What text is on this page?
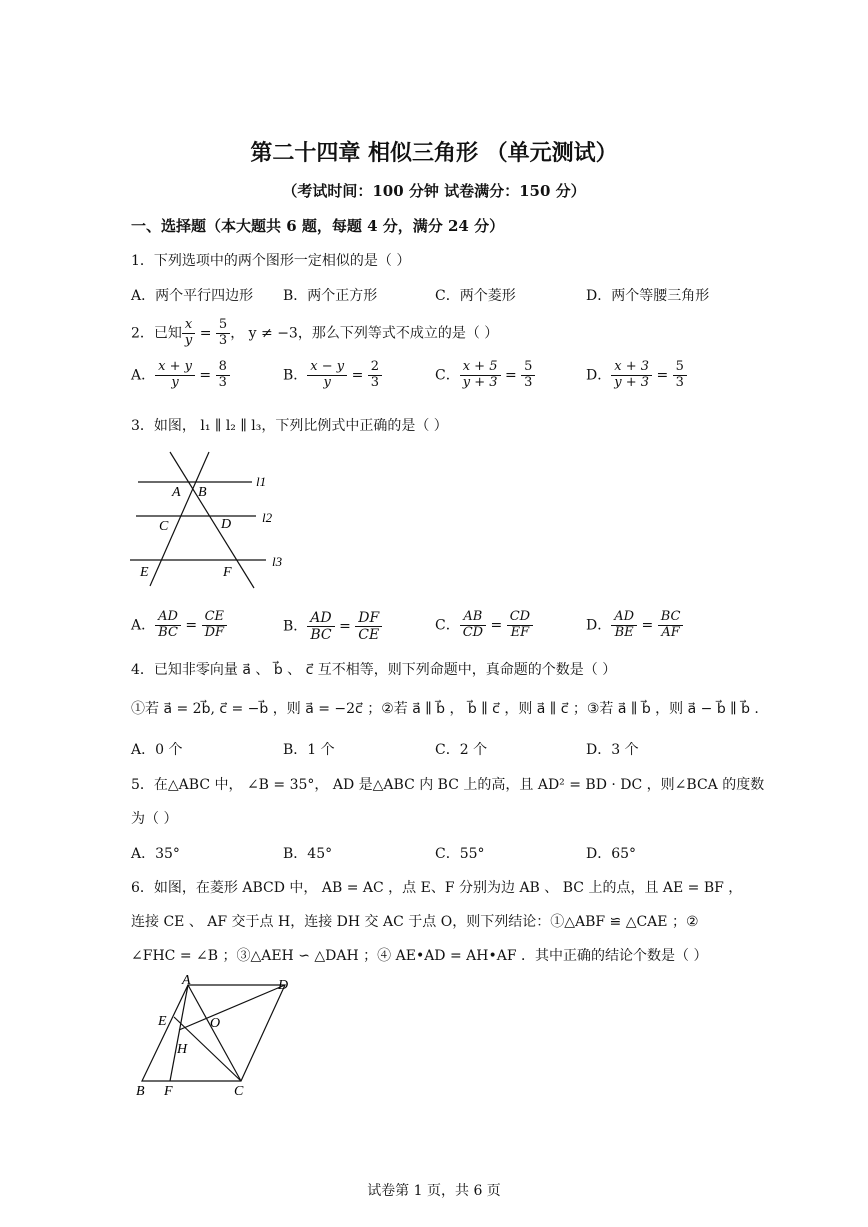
第二十四章 相似三角形 （单元测试）
（考试时间：100 分钟 试卷满分：150 分）
一、选择题（本大题共 6 题，每题 4 分，满分 24 分）
1．下列选项中的两个图形一定相似的是（ ）
A．两个平行四边形 B．两个正方形	C．两个菱形	D．两个等腰三角形
2．已知 $\frac{x}{y} = \frac{5}{3}$ ， y ≠ −3，那么下列等式不成立的是（ ）
A． $\frac{x + y}{y} = \frac{8}{3}$	B． $\frac{x - y}{y} = \frac{2}{3}$	C． $\frac{x + 5}{y + 3} = \frac{5}{3}$	D． $\frac{x + 3}{y + 3} = \frac{5}{3}$
3．如图， l₁ ∥ l₂ ∥ l₃，下列比例式中正确的是（ ）
A B
C	D
E	F
l1
l2
l3
A． $\frac{AD}{BC} = \frac{CE}{DF}$	B． $\frac{AD}{BC} = \frac{DF}{CE}$	C． $\frac{AB}{CD} = \frac{CD}{EF}$	D． $\frac{AD}{BE} = \frac{BC}{AF}$
4．已知非零向量 a⃗ 、 b⃗ 、 c⃗ 互不相等，则下列命题中，真命题的个数是（ ）
①若 a⃗ = 2b⃗, c⃗ = −b⃗ ，则 a⃗ = −2c⃗ ；②若 a⃗ ∥ b⃗ ， b⃗ ∥ c⃗ ，则 a⃗ ∥ c⃗ ；③若 a⃗ ∥ b⃗ ，则 a⃗ − b⃗ ∥ b⃗ .
A．0 个	B．1 个	C．2 个	D．3 个
5．在△ABC 中， ∠B = 35°， AD 是△ABC 内 BC 上的高，且 AD² = BD · DC ，则∠BCA 的度数
为（ ）
A．35°	B．45°	C．55°	D．65°
6．如图，在菱形 ABCD 中， AB = AC ，点 E、F 分别为边 AB 、 BC 上的点，且 AE = BF ，
连接 CE 、 AF 交于点 H，连接 DH 交 AC 于点 O，则下列结论：①△ABF ≌ △CAE ；②
∠FHC = ∠B ；③△AEH ∽ △DAH ；④ AE•AD = AH•AF ．其中正确的结论个数是（ ）
A	D
E	O
H
B F	C
试卷第 1 页，共 6 页
